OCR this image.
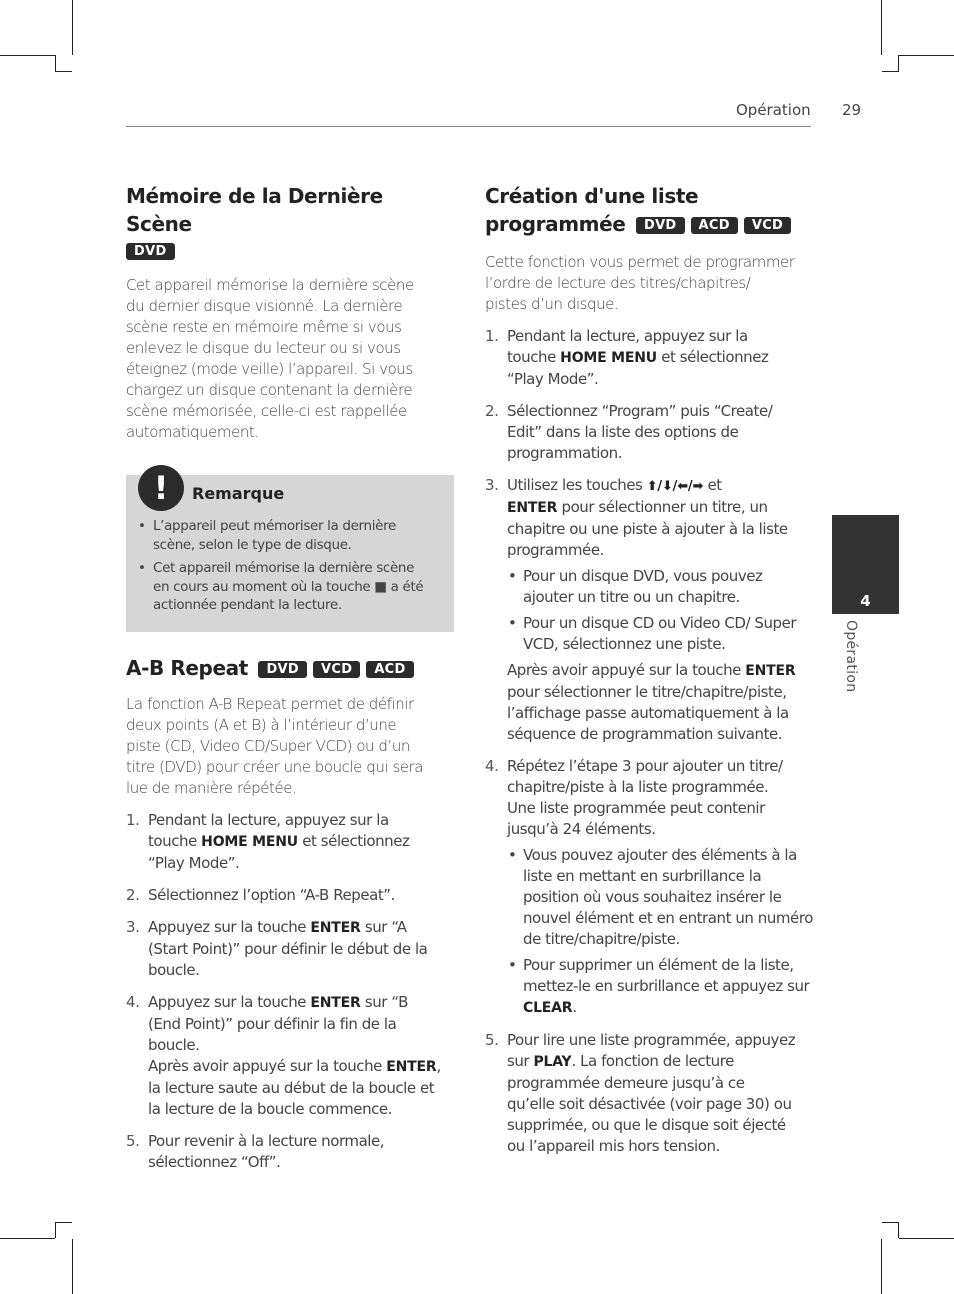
Opération 29
4
Opération
Mémoire de la Dernière Scène
DVD

Cet appareil mémorise la dernière scène

du dernier disque visionné. La dernière

scène reste en mémoire même si vous

enlevez le disque du lecteur ou si vous

éteignez (mode veille) l’appareil. Si vous

chargez un disque contenant la dernière

scène mémorisée, celle-ci est rappellée

automatiquement.

!	Remarque
• L’appareil peut mémoriser la dernière
scène, selon le type de disque.
• Cet appareil mémorise la dernière scène
en cours au moment où la touche ■ a été
actionnée pendant la lecture.
A-B Repeat DVD VCD ACD

La fonction A-B Repeat permet de définir

deux points (A et B) à l’intérieur d’une

piste (CD, Video CD/Super VCD) ou d’un

titre (DVD) pour créer une boucle qui sera

lue de manière répétée.

1. Pendant la lecture, appuyez sur la
touche HOME MENU et sélectionnez
“Play Mode”.
2. Sélectionnez l’option “A-B Repeat”.
3. Appuyez sur la touche ENTER sur “A
(Start Point)” pour définir le début de la
boucle.
4. Appuyez sur la touche ENTER sur “B
(End Point)” pour définir la fin de la
boucle.
Après avoir appuyé sur la touche ENTER,
la lecture saute au début de la boucle et
la lecture de la boucle commence.
5. Pour revenir à la lecture normale,
sélectionnez “Off”.
Création d'une liste
programmée DVD ACD VCD

Cette fonction vous permet de programmer

l’ordre de lecture des titres/chapitres/

pistes d’un disque.

1. Pendant la lecture, appuyez sur la
touche HOME MENU et sélectionnez
“Play Mode”.
2. Sélectionnez “Program” puis “Create/
Edit” dans la liste des options de
programmation.
3. Utilisez les touches ⬆/⬇/⬅/➡ et
ENTER pour sélectionner un titre, un
chapitre ou une piste à ajouter à la liste
programmée.
• Pour un disque DVD, vous pouvez ajouter un titre ou un chapitre.
• Pour un disque CD ou Video CD/ Super VCD, sélectionnez une piste.
Après avoir appuyé sur la touche ENTER
pour sélectionner le titre/chapitre/piste,
l’affichage passe automatiquement à la
séquence de programmation suivante.
4. Répétez l’étape 3 pour ajouter un titre/
chapitre/piste à la liste programmée.
Une liste programmée peut contenir
jusqu’à 24 éléments.
• Vous pouvez ajouter des éléments à la liste en mettant en surbrillance la position où vous souhaitez insérer le nouvel élément et en entrant un numéro de titre/chapitre/piste.
• Pour supprimer un élément de la liste, mettez-le en surbrillance et appuyez sur CLEAR.
5. Pour lire une liste programmée, appuyez
sur PLAY. La fonction de lecture
programmée demeure jusqu’à ce
qu’elle soit désactivée (voir page 30) ou
supprimée, ou que le disque soit éjecté
ou l’appareil mis hors tension.
